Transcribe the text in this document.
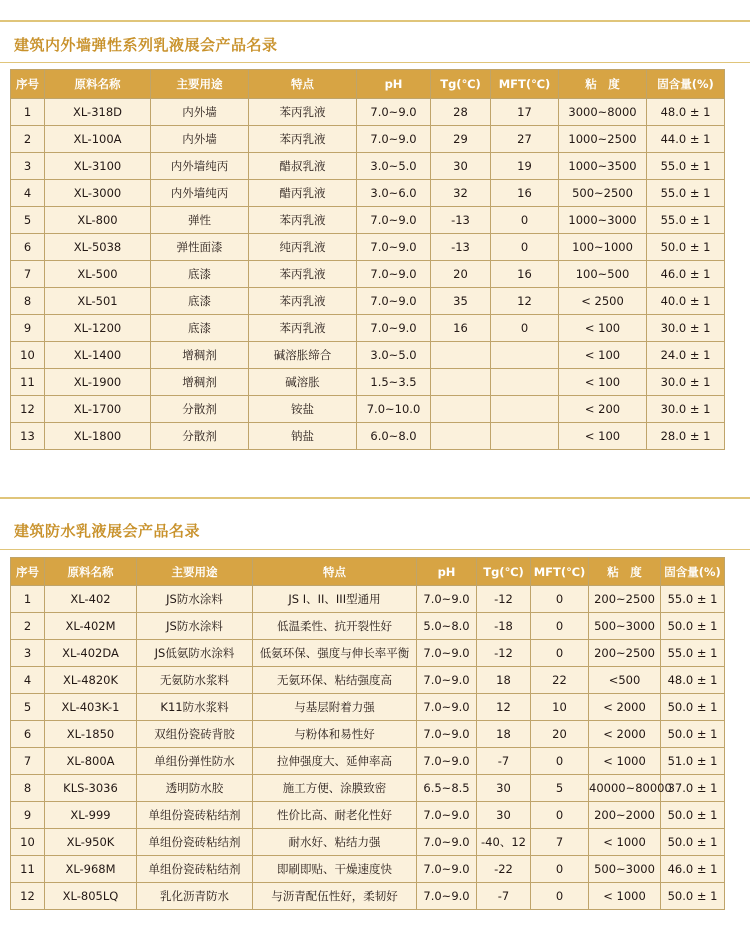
建筑内外墙弹性系列乳液展会产品名录
序号	原料名称	主要用途	特点	pH	Tg(℃)	MFT(℃)	粘　度	固含量(%)
1	XL-318D	内外墙	苯丙乳液	7.0~9.0	28	17	3000~8000	48.0 ± 1
2	XL-100A	内外墙	苯丙乳液	7.0~9.0	29	27	1000~2500	44.0 ± 1
3	XL-3100	内外墙纯丙	醋叔乳液	3.0~5.0	30	19	1000~3500	55.0 ± 1
4	XL-3000	内外墙纯丙	醋丙乳液	3.0~6.0	32	16	500~2500	55.0 ± 1
5	XL-800	弹性	苯丙乳液	7.0~9.0	-13	0	1000~3000	55.0 ± 1
6	XL-5038	弹性面漆	纯丙乳液	7.0~9.0	-13	0	100~1000	50.0 ± 1
7	XL-500	底漆	苯丙乳液	7.0~9.0	20	16	100~500	46.0 ± 1
8	XL-501	底漆	苯丙乳液	7.0~9.0	35	12	< 2500	40.0 ± 1
9	XL-1200	底漆	苯丙乳液	7.0~9.0	16	0	< 100	30.0 ± 1
10	XL-1400	增稠剂	碱溶胀缔合	3.0~5.0			< 100	24.0 ± 1
11	XL-1900	增稠剂	碱溶胀	1.5~3.5			< 100	30.0 ± 1
12	XL-1700	分散剂	铵盐	7.0~10.0			< 200	30.0 ± 1
13	XL-1800	分散剂	钠盐	6.0~8.0			< 100	28.0 ± 1
建筑防水乳液展会产品名录
序号	原料名称	主要用途	特点	pH	Tg(℃)	MFT(℃)	粘　度	固含量(%)
1	XL-402	JS防水涂料	JS I、II、III型通用	7.0~9.0	-12	0	200~2500	55.0 ± 1
2	XL-402M	JS防水涂料	低温柔性、抗开裂性好	5.0~8.0	-18	0	500~3000	50.0 ± 1
3	XL-402DA	JS低氨防水涂料	低氨环保、强度与伸长率平衡	7.0~9.0	-12	0	200~2500	55.0 ± 1
4	XL-4820K	无氨防水浆料	无氨环保、粘结强度高	7.0~9.0	18	22	<500	48.0 ± 1
5	XL-403K-1	K11防水浆料	与基层附着力强	7.0~9.0	12	10	< 2000	50.0 ± 1
6	XL-1850	双组份瓷砖背胶	与粉体和易性好	7.0~9.0	18	20	< 2000	50.0 ± 1
7	XL-800A	单组份弹性防水	拉伸强度大、延伸率高	7.0~9.0	-7	0	< 1000	51.0 ± 1
8	KLS-3036	透明防水胶	施工方便、涂膜致密	6.5~8.5	30	5	40000~80000	37.0 ± 1
9	XL-999	单组份瓷砖粘结剂	性价比高、耐老化性好	7.0~9.0	30	0	200~2000	50.0 ± 1
10	XL-950K	单组份瓷砖粘结剂	耐水好、粘结力强	7.0~9.0	-40、12	7	< 1000	50.0 ± 1
11	XL-968M	单组份瓷砖粘结剂	即刷即贴、干燥速度快	7.0~9.0	-22	0	500~3000	46.0 ± 1
12	XL-805LQ	乳化沥青防水	与沥青配伍性好，柔韧好	7.0~9.0	-7	0	< 1000	50.0 ± 1
